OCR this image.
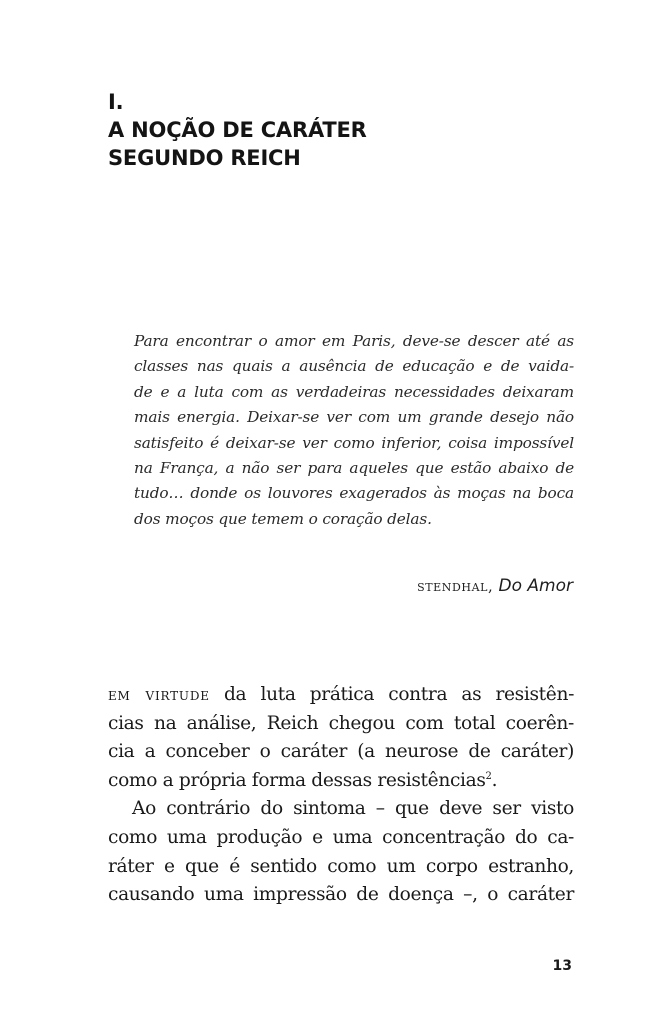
I.
A NOÇÃO DE CARÁTER
SEGUNDO REICH
Para encontrar o amor em Paris, deve-se descer até as
classes nas quais a ausência de educação e de vaida-
de e a luta com as verdadeiras necessidades deixaram
mais energia. Deixar-se ver com um grande desejo não
satisfeito é deixar-se ver como inferior, coisa impossível
na França, a não ser para aqueles que estão abaixo de
tudo… donde os louvores exagerados às moças na boca
dos moços que temem o coração delas.
stendhal, Do Amor
em virtude da luta prática contra as resistên-
cias na análise, Reich chegou com total coerên-
cia a conceber o caráter (a neurose de caráter)
como a própria forma dessas resistências$^2$.
Ao contrário do sintoma – que deve ser visto
como uma produção e uma concentração do ca-
ráter e que é sentido como um corpo estranho,
causando uma impressão de doença –, o caráter
13
